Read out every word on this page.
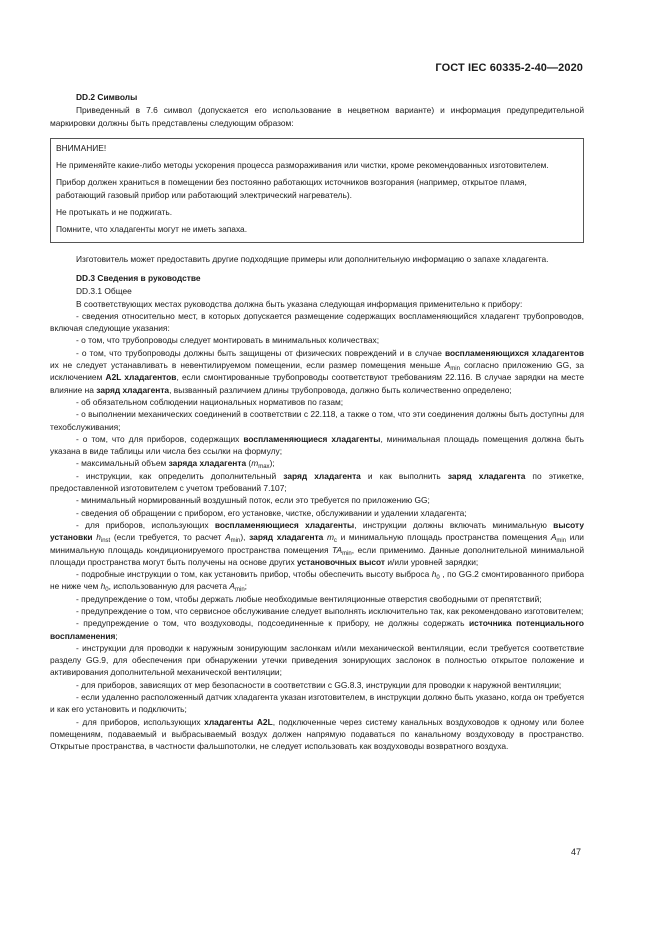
ГОСТ IEC 60335-2-40—2020
DD.2 Символы

Приведенный в 7.6 символ (допускается его использование в нецветном варианте) и информация предупредительной маркировки должны быть представлены следующим образом:

ВНИМАНИЕ!

Не применяйте какие-либо методы ускорения процесса размораживания или чистки, кроме рекомендованных изготовителем.

Прибор должен храниться в помещении без постоянно работающих источников возгорания (например, открытое пламя, работающий газовый прибор или работающий электрический нагреватель).

Не протыкать и не поджигать.

Помните, что хладагенты могут не иметь запаха.

Изготовитель может предоставить другие подходящие примеры или дополнительную информацию о запахе хладагента.

DD.3 Сведения в руководстве

DD.3.1 Общее

В соответствующих местах руководства должна быть указана следующая информация применительно к прибору:

- сведения относительно мест, в которых допускается размещение содержащих воспламеняющийся хладагент трубопроводов, включая следующие указания:

- о том, что трубопроводы следует монтировать в минимальных количествах;

- о том, что трубопроводы должны быть защищены от физических повреждений и в случае воспламеняющихся хладагентов их не следует устанавливать в невентилируемом помещении, если размер помещения меньше $A_{min}$ согласно приложению GG, за исключением A2L хладагентов, если смонтированные трубопроводы соответствуют требованиям 22.116. В случае зарядки на месте влияние на заряд хладагента, вызванный различием длины трубопровода, должно быть количественно определено;

- об обязательном соблюдении национальных нормативов по газам;

- о выполнении механических соединений в соответствии с 22.118, а также о том, что эти соединения должны быть доступны для техобслуживания;

- о том, что для приборов, содержащих воспламеняющиеся хладагенты, минимальная площадь помещения должна быть указана в виде таблицы или числа без ссылки на формулу;

- максимальный объем заряда хладагента $(m_{max})$;

- инструкции, как определить дополнительный заряд хладагента и как выполнить заряд хладагента по этикетке, предоставленной изготовителем с учетом требований 7.107;

- минимальный нормированный воздушный поток, если это требуется по приложению GG;

- сведения об обращении с прибором, его установке, чистке, обслуживании и удалении хладагента;

- для приборов, использующих воспламеняющиеся хладагенты, инструкции должны включать минимальную высоту установки $h_{inst}$ (если требуется, то расчет $A_{min}$), заряд хладагента $m_c$ и минимальную площадь пространства помещения $A_{min}$ или минимальную площадь кондиционируемого пространства помещения $TA_{min}$, если применимо. Данные дополнительной минимальной площади пространства могут быть получены на основе других установочных высот и/или уровней зарядки;

- подробные инструкции о том, как установить прибор, чтобы обеспечить высоту выброса $h_0$ , по GG.2 смонтированного прибора не ниже чем $h_0$, использованную для расчета $A_{min}$;

- предупреждение о том, чтобы держать любые необходимые вентиляционные отверстия свободными от препятствий;

- предупреждение о том, что сервисное обслуживание следует выполнять исключительно так, как рекомендовано изготовителем;

- предупреждение о том, что воздуховоды, подсоединенные к прибору, не должны содержать источника потенциального воспламенения;

- инструкции для проводки к наружным зонирующим заслонкам и/или механической вентиляции, если требуется соответствие разделу GG.9, для обеспечения при обнаружении утечки приведения зонирующих заслонок в полностью открытое положение и активирования дополнительной механической вентиляции;

- для приборов, зависящих от мер безопасности в соответствии с GG.8.3, инструкции для проводки к наружной вентиляции;

- если удаленно расположенный датчик хладагента указан изготовителем, в инструкции должно быть указано, когда он требуется и как его установить и подключить;

- для приборов, использующих хладагенты A2L, подключенные через систему канальных воздуховодов к одному или более помещениям, подаваемый и выбрасываемый воздух должен напрямую подаваться по канальному воздуховоду в пространство. Открытые пространства, в частности фальшпотолки, не следует использовать как воздуховоды возвратного воздуха.

47
